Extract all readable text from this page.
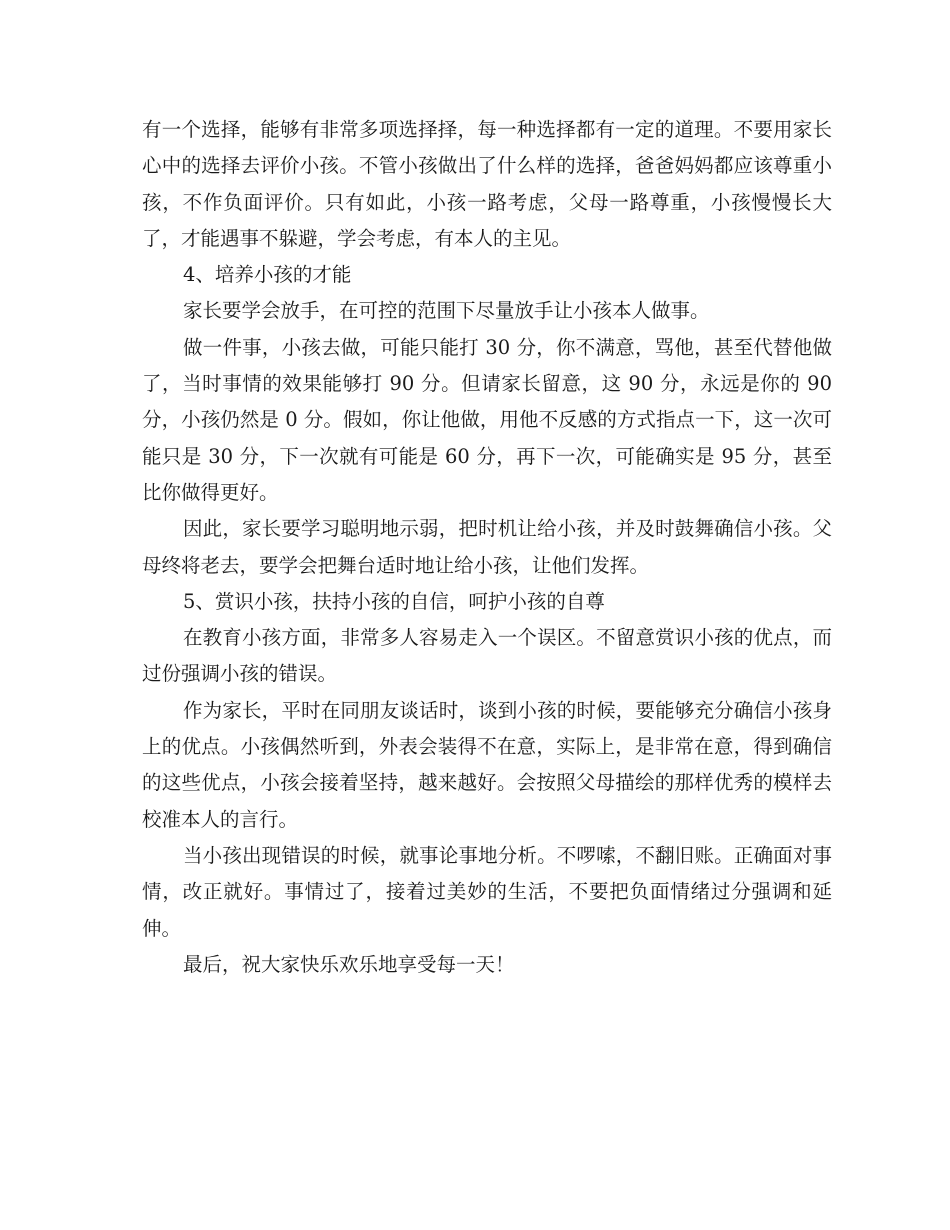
有一个选择，能够有非常多项选择择，每一种选择都有一定的道理。不要用家长心中的选择去评价小孩。不管小孩做出了什么样的选择，爸爸妈妈都应该尊重小孩，不作负面评价。只有如此，小孩一路考虑，父母一路尊重，小孩慢慢长大了，才能遇事不躲避，学会考虑，有本人的主见。

4、培养小孩的才能

家长要学会放手，在可控的范围下尽量放手让小孩本人做事。

做一件事，小孩去做，可能只能打 30 分，你不满意，骂他，甚至代替他做了，当时事情的效果能够打 90 分。但请家长留意，这 90 分，永远是你的 90 分，小孩仍然是 0 分。假如，你让他做，用他不反感的方式指点一下，这一次可能只是 30 分，下一次就有可能是 60 分，再下一次，可能确实是 95 分，甚至比你做得更好。

因此，家长要学习聪明地示弱，把时机让给小孩，并及时鼓舞确信小孩。父母终将老去，要学会把舞台适时地让给小孩，让他们发挥。

5、赏识小孩，扶持小孩的自信，呵护小孩的自尊

在教育小孩方面，非常多人容易走入一个误区。不留意赏识小孩的优点，而过份强调小孩的错误。

作为家长，平时在同朋友谈话时，谈到小孩的时候，要能够充分确信小孩身上的优点。小孩偶然听到，外表会装得不在意，实际上，是非常在意，得到确信的这些优点，小孩会接着坚持，越来越好。会按照父母描绘的那样优秀的模样去校准本人的言行。

当小孩出现错误的时候，就事论事地分析。不啰嗦，不翻旧账。正确面对事情，改正就好。事情过了，接着过美妙的生活，不要把负面情绪过分强调和延伸。

最后，祝大家快乐欢乐地享受每一天！
